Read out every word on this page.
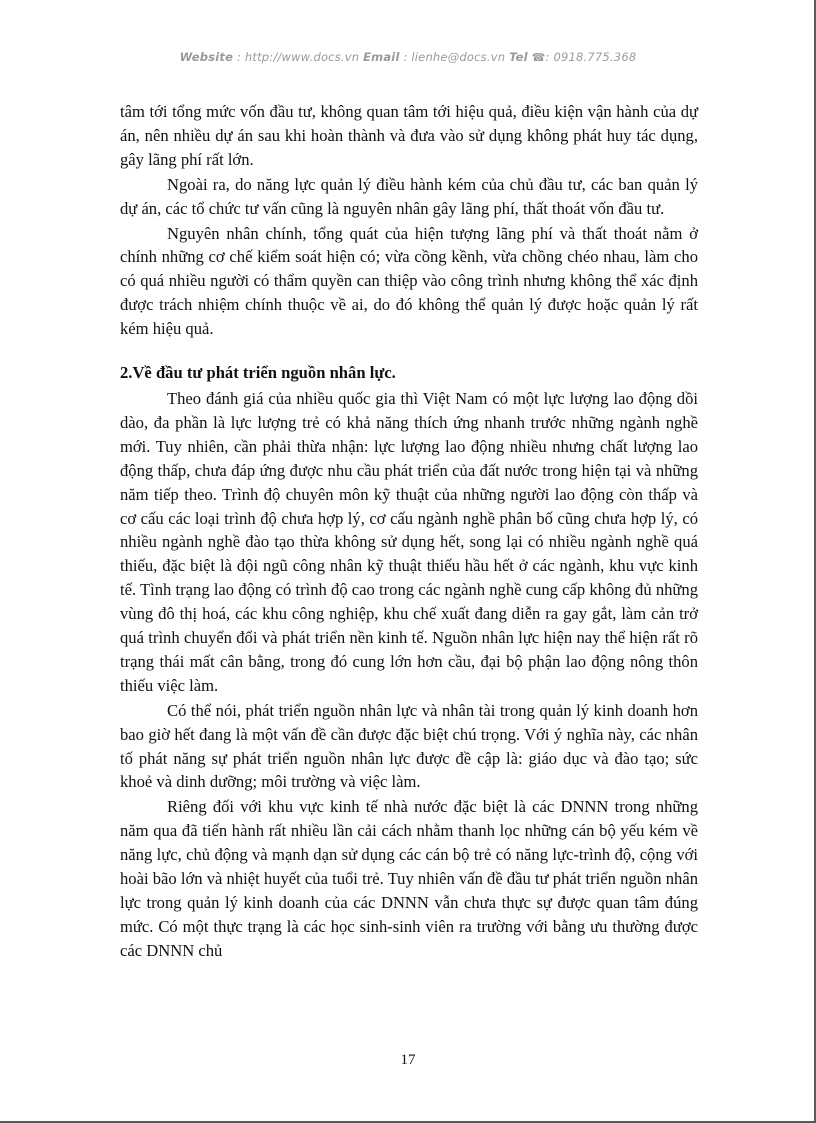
Website : http://www.docs.vn Email : lienhe@docs.vn Tel ☎: 0918.775.368

tâm tới tổng mức vốn đầu tư, không quan tâm tới hiệu quả, điều kiện vận hành của dự án, nên nhiều dự án sau khi hoàn thành và đưa vào sử dụng không phát huy tác dụng, gây lãng phí rất lớn.

Ngoài ra, do năng lực quản lý điều hành kém của chủ đầu tư, các ban quản lý dự án, các tổ chức tư vấn cũng là nguyên nhân gây lãng phí, thất thoát vốn đầu tư.

Nguyên nhân chính, tổng quát của hiện tượng lãng phí và thất thoát nằm ở chính những cơ chế kiểm soát hiện có; vừa cồng kềnh, vừa chồng chéo nhau, làm cho có quá nhiều người có thẩm quyền can thiệp vào công trình nhưng không thể xác định được trách nhiệm chính thuộc về ai, do đó không thể quản lý được hoặc quản lý rất kém hiệu quả.

2.Về đầu tư phát triển nguồn nhân lực.

Theo đánh giá của nhiều quốc gia thì Việt Nam có một lực lượng lao động dồi dào, đa phần là lực lượng trẻ có khả năng thích ứng nhanh trước những ngành nghề mới. Tuy nhiên, cần phải thừa nhận: lực lượng lao động nhiều nhưng chất lượng lao động thấp, chưa đáp ứng được nhu cầu phát triển của đất nước trong hiện tại và những năm tiếp theo. Trình độ chuyên môn kỹ thuật của những người lao động còn thấp và cơ cấu các loại trình độ chưa hợp lý, cơ cấu ngành nghề phân bố cũng chưa hợp lý, có nhiều ngành nghề đào tạo thừa không sử dụng hết, song lại có nhiều ngành nghề quá thiếu, đặc biệt là đội ngũ công nhân kỹ thuật thiếu hầu hết ở các ngành, khu vực kinh tế. Tình trạng lao động có trình độ cao trong các ngành nghề cung cấp không đủ những vùng đô thị hoá, các khu công nghiệp, khu chế xuất đang diễn ra gay gắt, làm cản trở quá trình chuyển đổi và phát triển nền kinh tế. Nguồn nhân lực hiện nay thể hiện rất rõ trạng thái mất cân bằng, trong đó cung lớn hơn cầu, đại bộ phận lao động nông thôn thiếu việc làm.

Có thể nói, phát triển nguồn nhân lực và nhân tài trong quản lý kinh doanh hơn bao giờ hết đang là một vấn đề cần được đặc biệt chú trọng. Với ý nghĩa này, các nhân tố phát năng sự phát triển nguồn nhân lực được đề cập là: giáo dục và đào tạo; sức khoẻ và dinh dưỡng; môi trường và việc làm.

Riêng đối với khu vực kinh tế nhà nước đặc biệt là các DNNN trong những năm qua đã tiến hành rất nhiều lần cải cách nhằm thanh lọc những cán bộ yếu kém về năng lực, chủ động và mạnh dạn sử dụng các cán bộ trẻ có năng lực-trình độ, cộng với hoài bão lớn và nhiệt huyết của tuổi trẻ. Tuy nhiên vấn đề đầu tư phát triển nguồn nhân lực trong quản lý kinh doanh của các DNNN vẫn chưa thực sự được quan tâm đúng mức. Có một thực trạng là các học sinh-sinh viên ra trường với bằng ưu thường được các DNNN chủ

17
